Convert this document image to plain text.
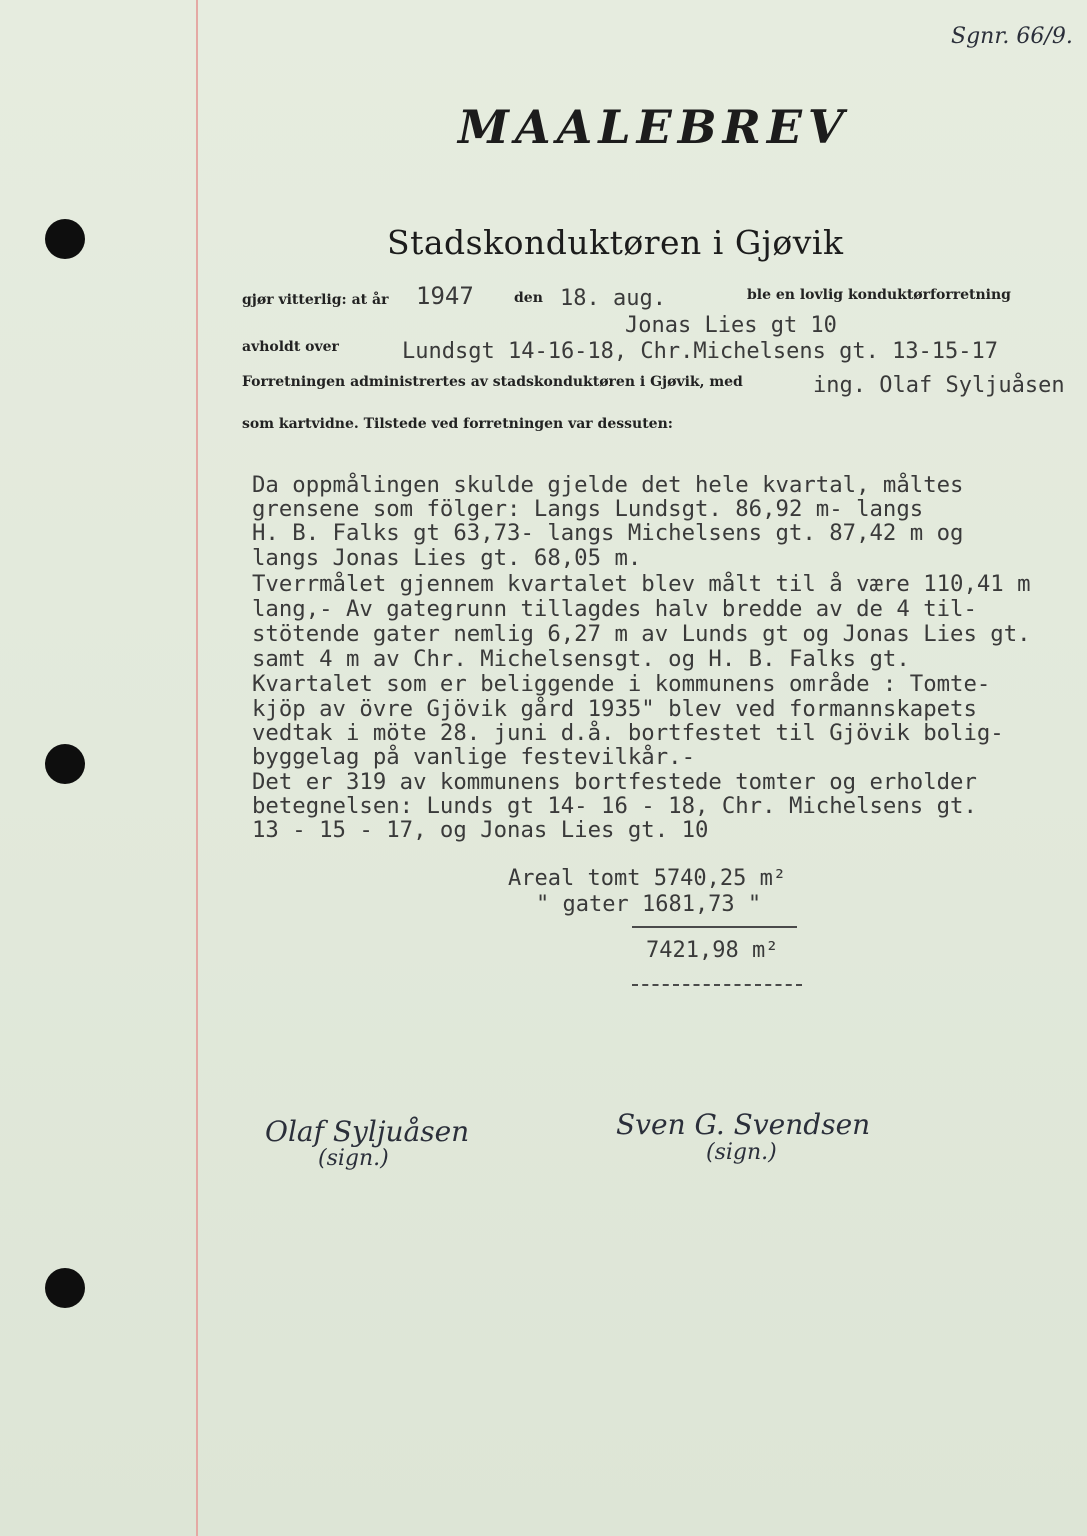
Sgnr. 66/9.
MAALEBREV
Stadskonduktøren i Gjøvik
gjør vitterlig: at år 1947	den 18. aug.	ble en lovlig konduktørforretning
Jonas Lies gt 10
avholdt over	Lundsgt 14-16-18, Chr.Michelsens gt. 13-15-17
Forretningen administrertes av stadskonduktøren i Gjøvik, med	ing. Olaf Syljuåsen
som kartvidne. Tilstede ved forretningen var dessuten:
Da oppmålingen skulde gjelde det hele kvartal, måltes
grensene som fölger: Langs Lundsgt. 86,92 m- langs
H. B. Falks gt 63,73- langs Michelsens gt. 87,42 m og
langs Jonas Lies gt. 68,05 m.
Tverrmålet gjennem kvartalet blev målt til å være 110,41 m
lang,- Av gategrunn tillagdes halv bredde av de 4 til-
stötende gater nemlig 6,27 m av Lunds gt og Jonas Lies gt.
samt 4 m av Chr. Michelsensgt. og H. B. Falks gt.
Kvartalet som er beliggende i kommunens område : Tomte-
kjöp av övre Gjövik gård 1935" blev ved formannskapets
vedtak i möte 28. juni d.å. bortfestet til Gjövik bolig-
byggelag på vanlige festevilkår.-
Det er 319 av kommunens bortfestede tomter og erholder
betegnelsen: Lunds gt 14- 16 - 18, Chr. Michelsens gt.
13 - 15 - 17, og Jonas Lies gt. 10
Areal tomt 5740,25 m²
" gater 1681,73 "
7421,98 m²
Olaf Syljuåsen
(sign.)
Sven G. Svendsen
(sign.)
